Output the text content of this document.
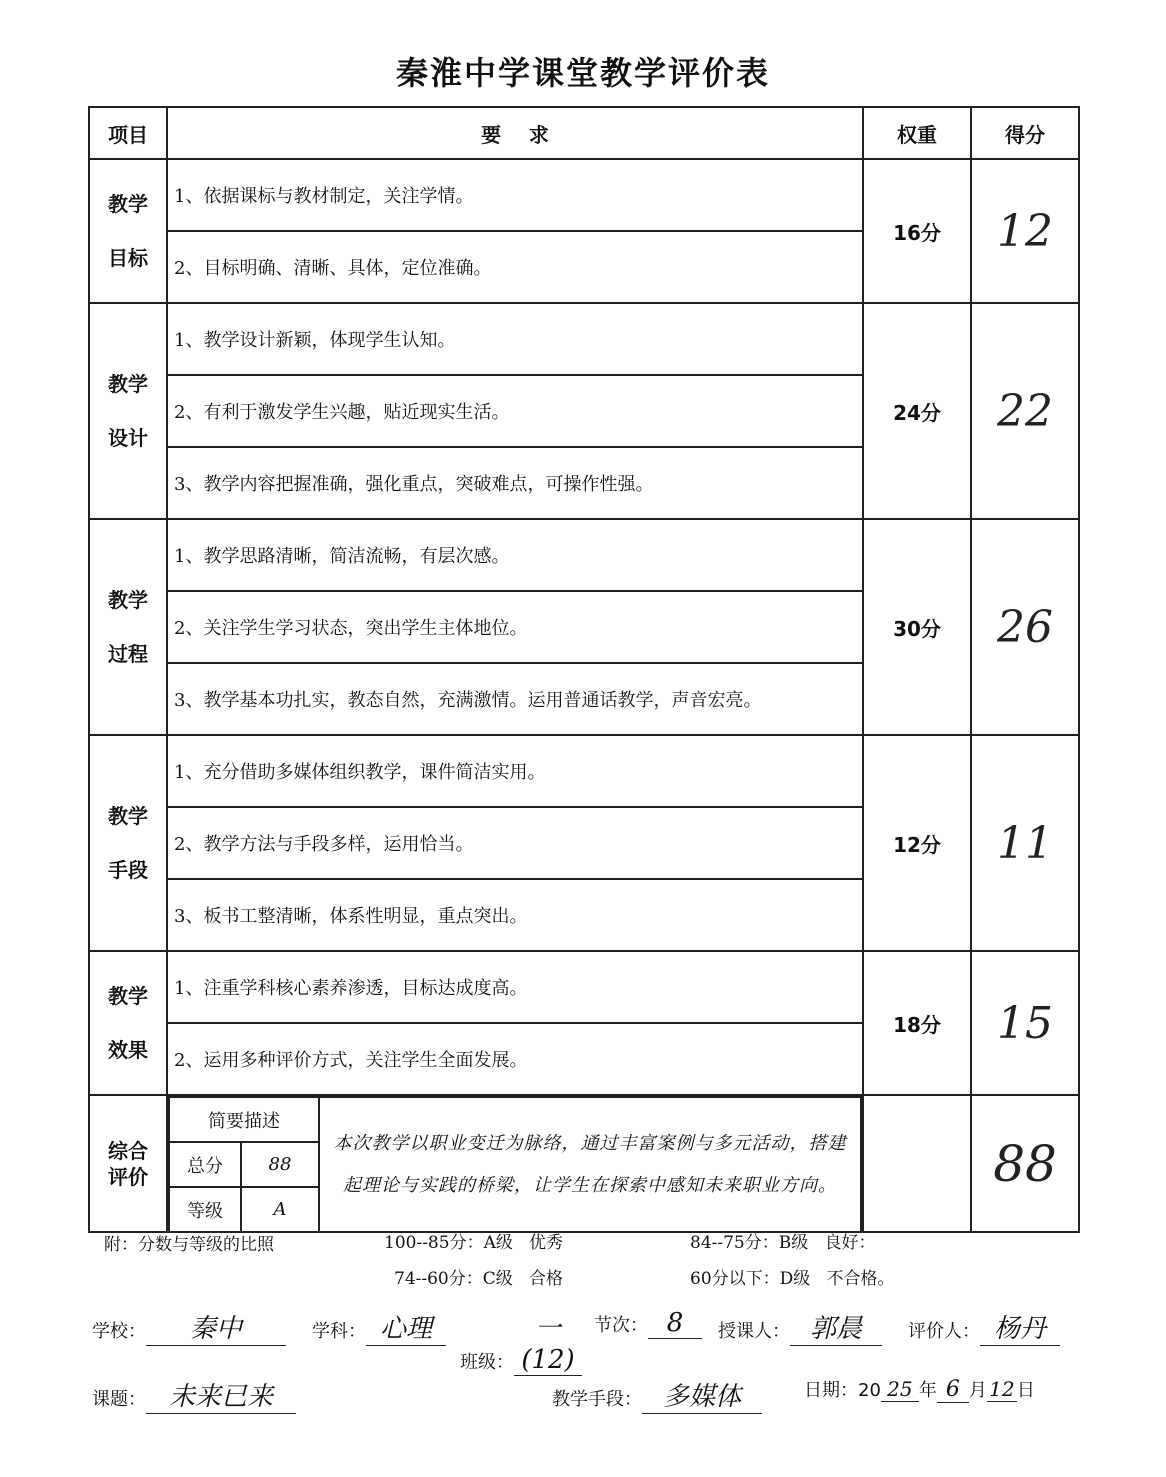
秦淮中学课堂教学评价表
项目	要    求	权重	得分

教学
目标
	1、依据课标与教材制定，关注学情。	16分	12
2、目标明确、清晰、具体，定位准确。

教学
设计
	1、教学设计新颖，体现学生认知。	24分	22
2、有利于激发学生兴趣，贴近现实生活。
3、教学内容把握准确，强化重点，突破难点，可操作性强。

教学
过程
	1、教学思路清晰，简洁流畅，有层次感。	30分	26
2、关注学生学习状态，突出学生主体地位。
3、教学基本功扎实，教态自然，充满激情。运用普通话教学，声音宏亮。

教学
手段
	1、充分借助多媒体组织教学，课件简洁实用。	12分	11
2、教学方法与手段多样，运用恰当。
3、板书工整清晰，体系性明显，重点突出。

教学
效果
	1、注重学科核心素养渗透，目标达成度高。	18分	15
2、运用多种评价方式，关注学生全面发展。

综合
评价

简要描述	本次教学以职业变迁为脉络，通过丰富案例与多元活动，搭建起理论与实践的桥梁，让学生在探索中感知未来职业方向。
总分	88
等级	A
		88
附：分数与等级的比照	100--85分：A级   优秀	84--75分：B级   良好：
74--60分：C级   合格	60分以下：D级   不合格。
学校： 秦中	学科： 心理
班级：一(12)
节次： 8	授课人： 郭晨	评价人： 杨丹
课题： 未来已来	教学手段： 多媒体	日期：20 25 年 6 月 12 日
